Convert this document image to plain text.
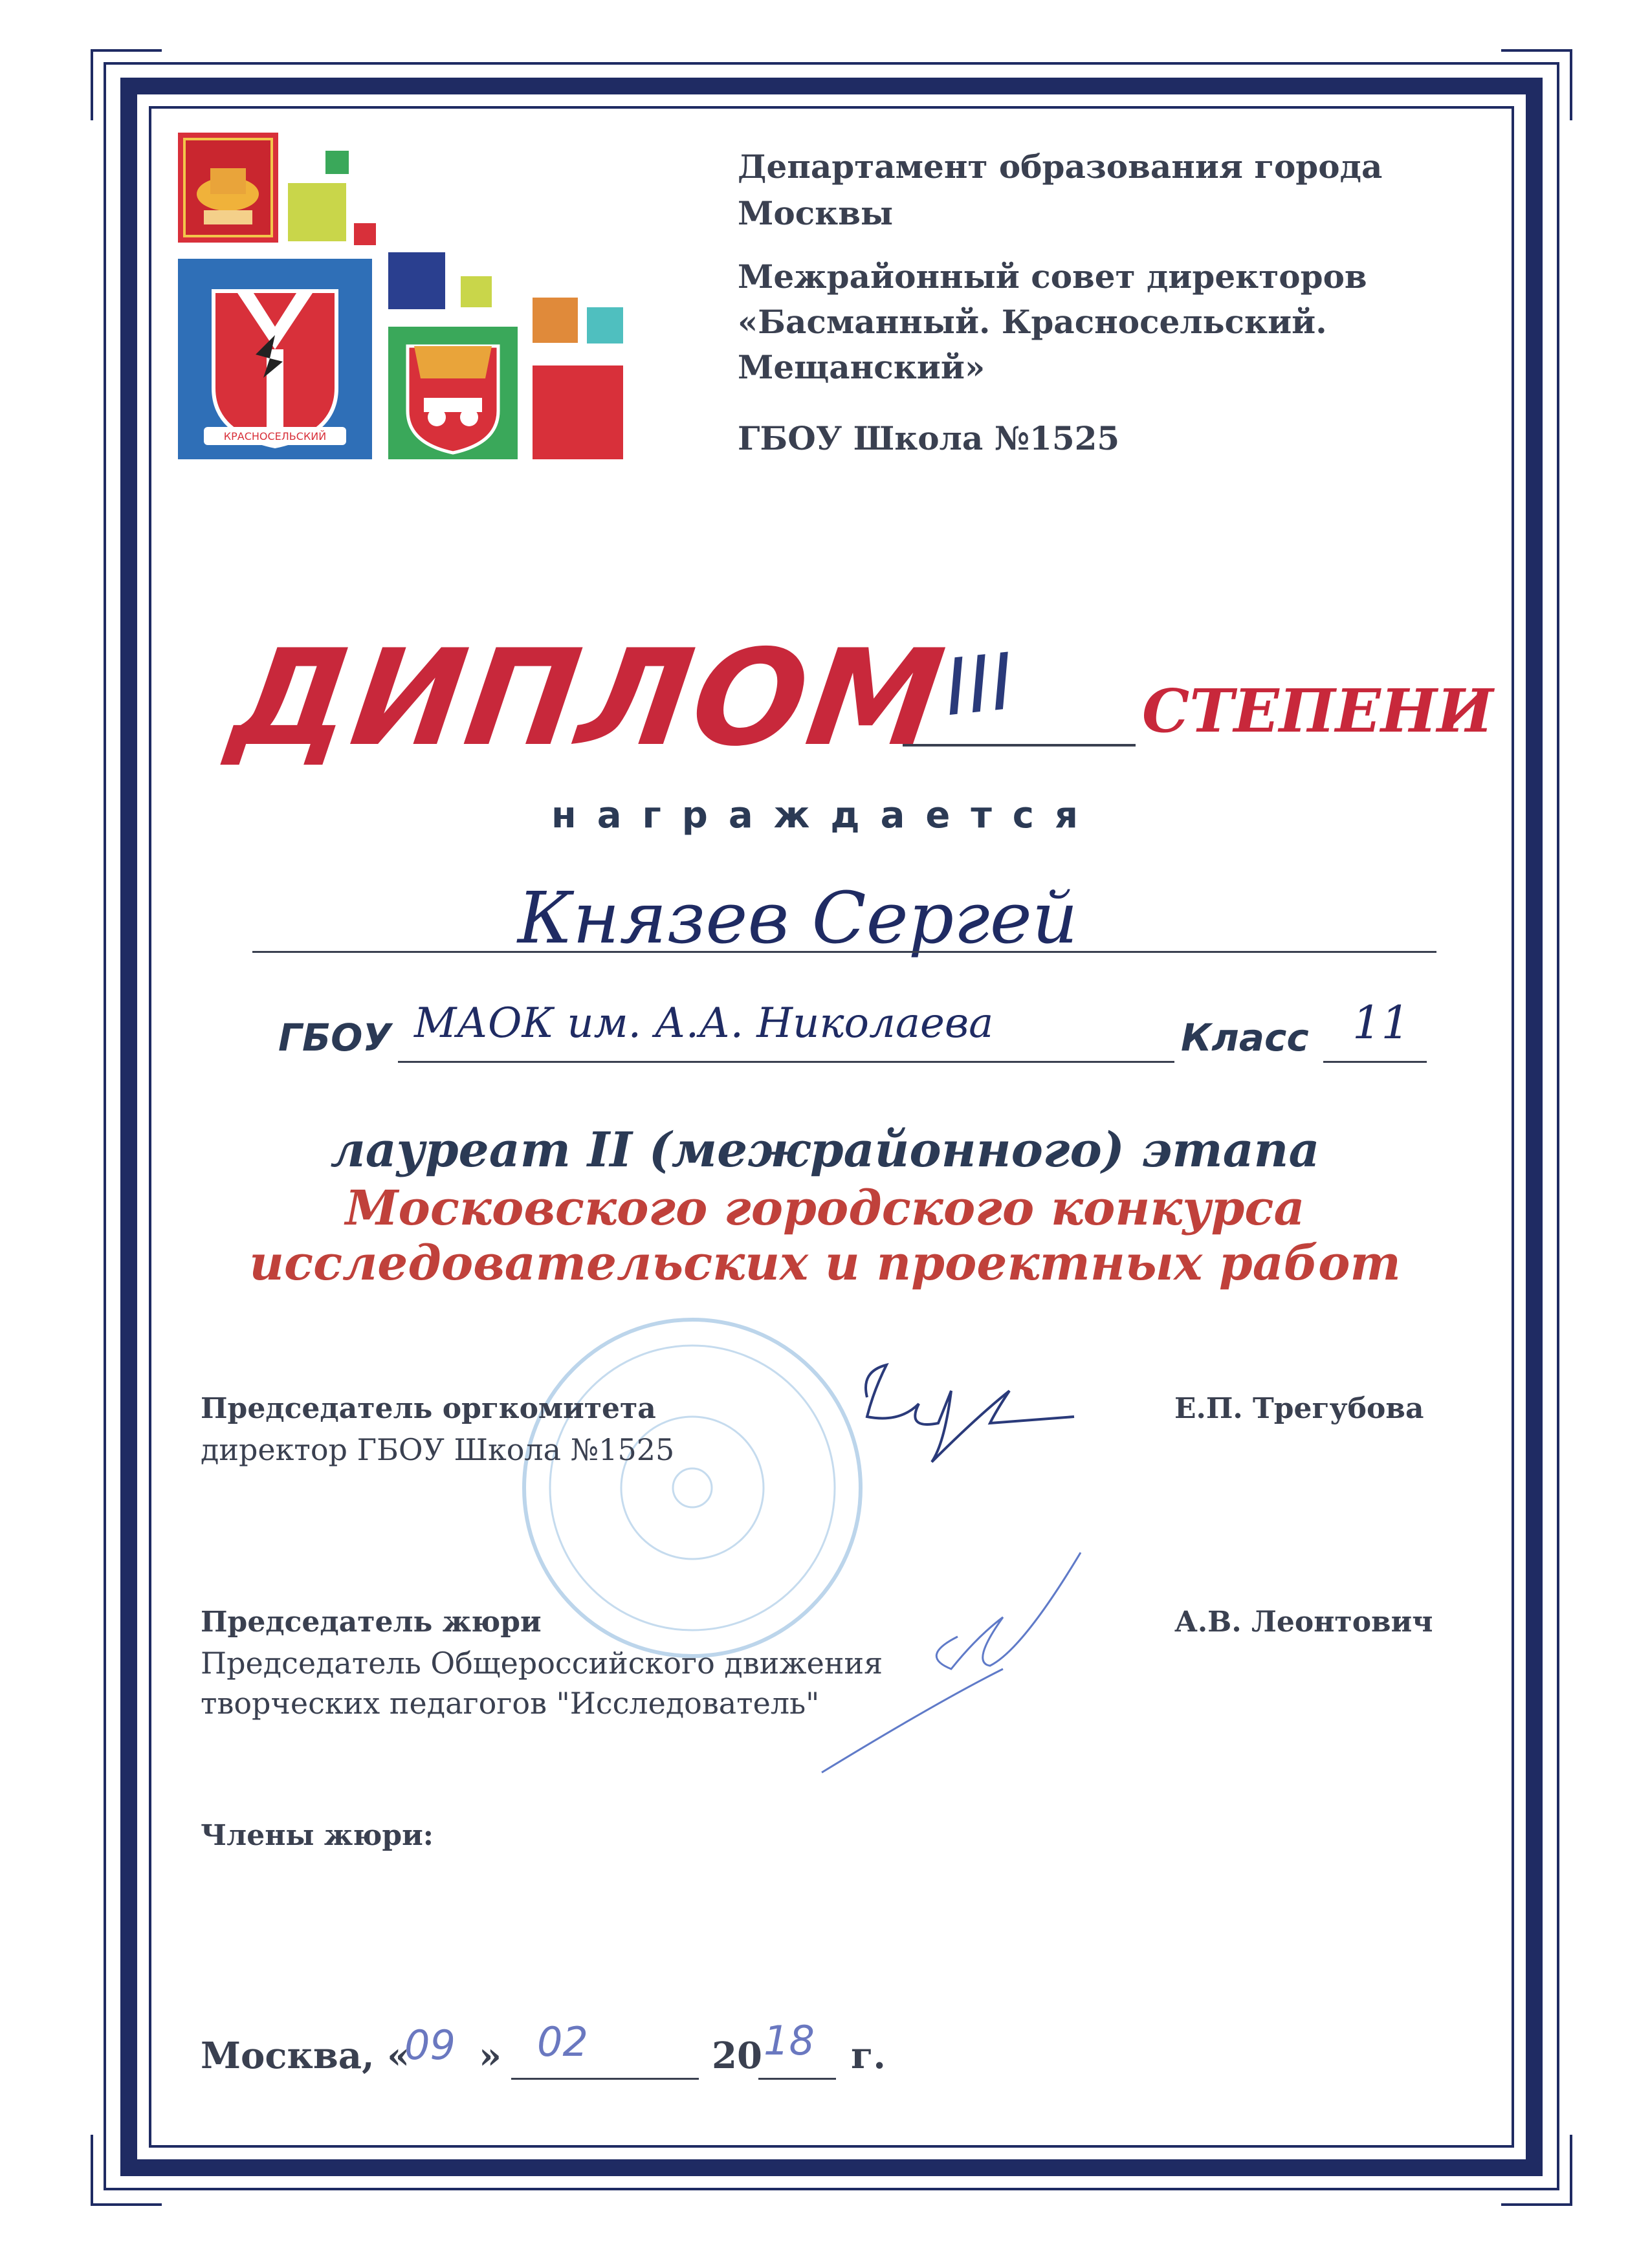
КРАСНОСЕЛЬСКИЙ
Департамент образования города Москвы
Межрайонный совет директоров
«Басманный. Красносельский.
Мещанский»
ГБОУ Школа №1525
ДИПЛОМ
III СТЕПЕНИ
награждается
Князев Сергей
ГБОУ МАОК им. А.А. Николаева	Класс 11
лауреат II (межрайонного) этапа
Московского городского конкурса
исследовательских и проектных работ
Председатель оргкомитета
директор ГБОУ Школа №1525
Е.П. Трегубова
Председатель жюри
Председатель Общероссийского движения
творческих педагогов "Исследователь"
А.В. Леонтович
Члены жюри:
Москва, «
09 » 02	20 18 г.
